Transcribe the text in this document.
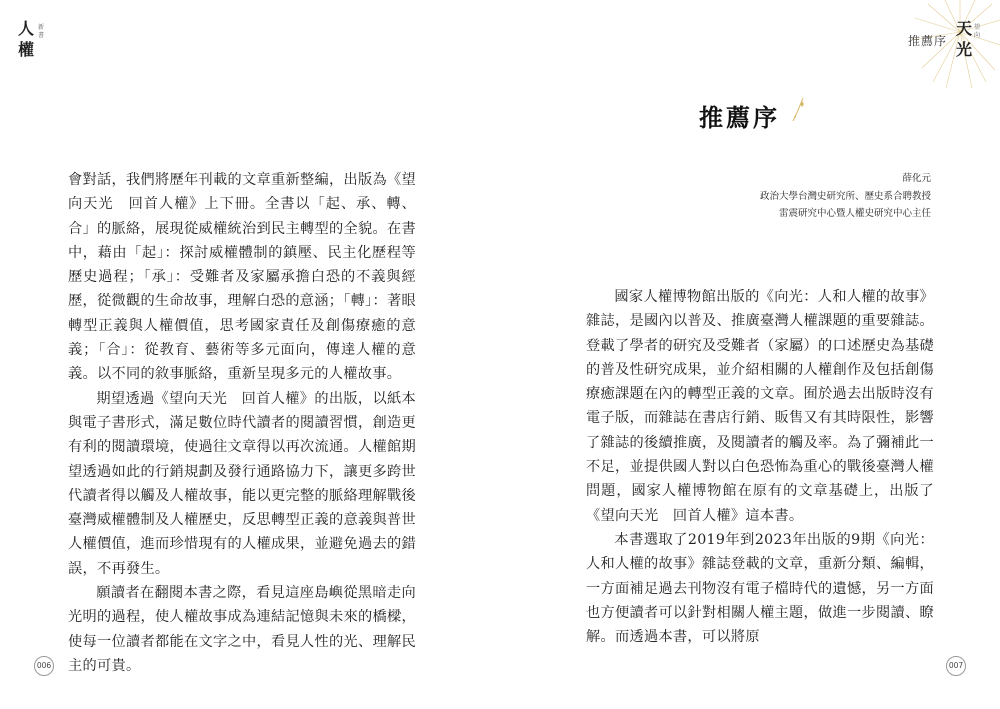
人
權
新
書

會對話，我們將歷年刊載的文章重新整編，出版為《望向天光　回首人權》上下冊。全書以「起、承、轉、合」的脈絡，展現從威權統治到民主轉型的全貌。在書中，藉由「起」：探討威權體制的鎮壓、民主化歷程等歷史過程；「承」：受難者及家屬承擔白恐的不義與經歷，從微觀的生命故事，理解白恐的意涵；「轉」：著眼轉型正義與人權價值，思考國家責任及創傷療癒的意義；「合」：從教育、藝術等多元面向，傳達人權的意義。以不同的敘事脈絡，重新呈現多元的人權故事。

期望透過《望向天光　回首人權》的出版，以紙本與電子書形式，滿足數位時代讀者的閱讀習慣，創造更有利的閱讀環境，使過往文章得以再次流通。人權館期望透過如此的行銷規劃及發行通路協力下，讓更多跨世代讀者得以觸及人權故事，能以更完整的脈絡理解戰後臺灣威權體制及人權歷史，反思轉型正義的意義與普世人權價值，進而珍惜現有的人權成果，並避免過去的錯誤，不再發生。

願讀者在翻閱本書之際，看見這座島嶼從黑暗走向光明的過程，使人權故事成為連結記憶與未來的橋樑，使每一位讀者都能在文字之中，看見人性的光、理解民主的可貴。

006
推薦序
天
光
望
向
推薦序
薛化元
政治大學台灣史研究所、歷史系合聘教授
雷震研究中心暨人權史研究中心主任

國家人權博物館出版的《向光：人和人權的故事》雜誌，是國內以普及、推廣臺灣人權課題的重要雜誌。登載了學者的研究及受難者（家屬）的口述歷史為基礎的普及性研究成果，並介紹相關的人權創作及包括創傷療癒課題在內的轉型正義的文章。囿於過去出版時沒有電子版，而雜誌在書店行銷、販售又有其時限性，影響了雜誌的後續推廣，及閱讀者的觸及率。為了彌補此一不足，並提供國人對以白色恐怖為重心的戰後臺灣人權問題，國家人權博物館在原有的文章基礎上，出版了《望向天光　回首人權》這本書。

本書選取了2019年到2023年出版的9期《向光：人和人權的故事》雜誌登載的文章，重新分類、編輯，一方面補足過去刊物沒有電子檔時代的遺憾，另一方面也方便讀者可以針對相關人權主題，做進一步閱讀、瞭解。而透過本書，可以將原

007
